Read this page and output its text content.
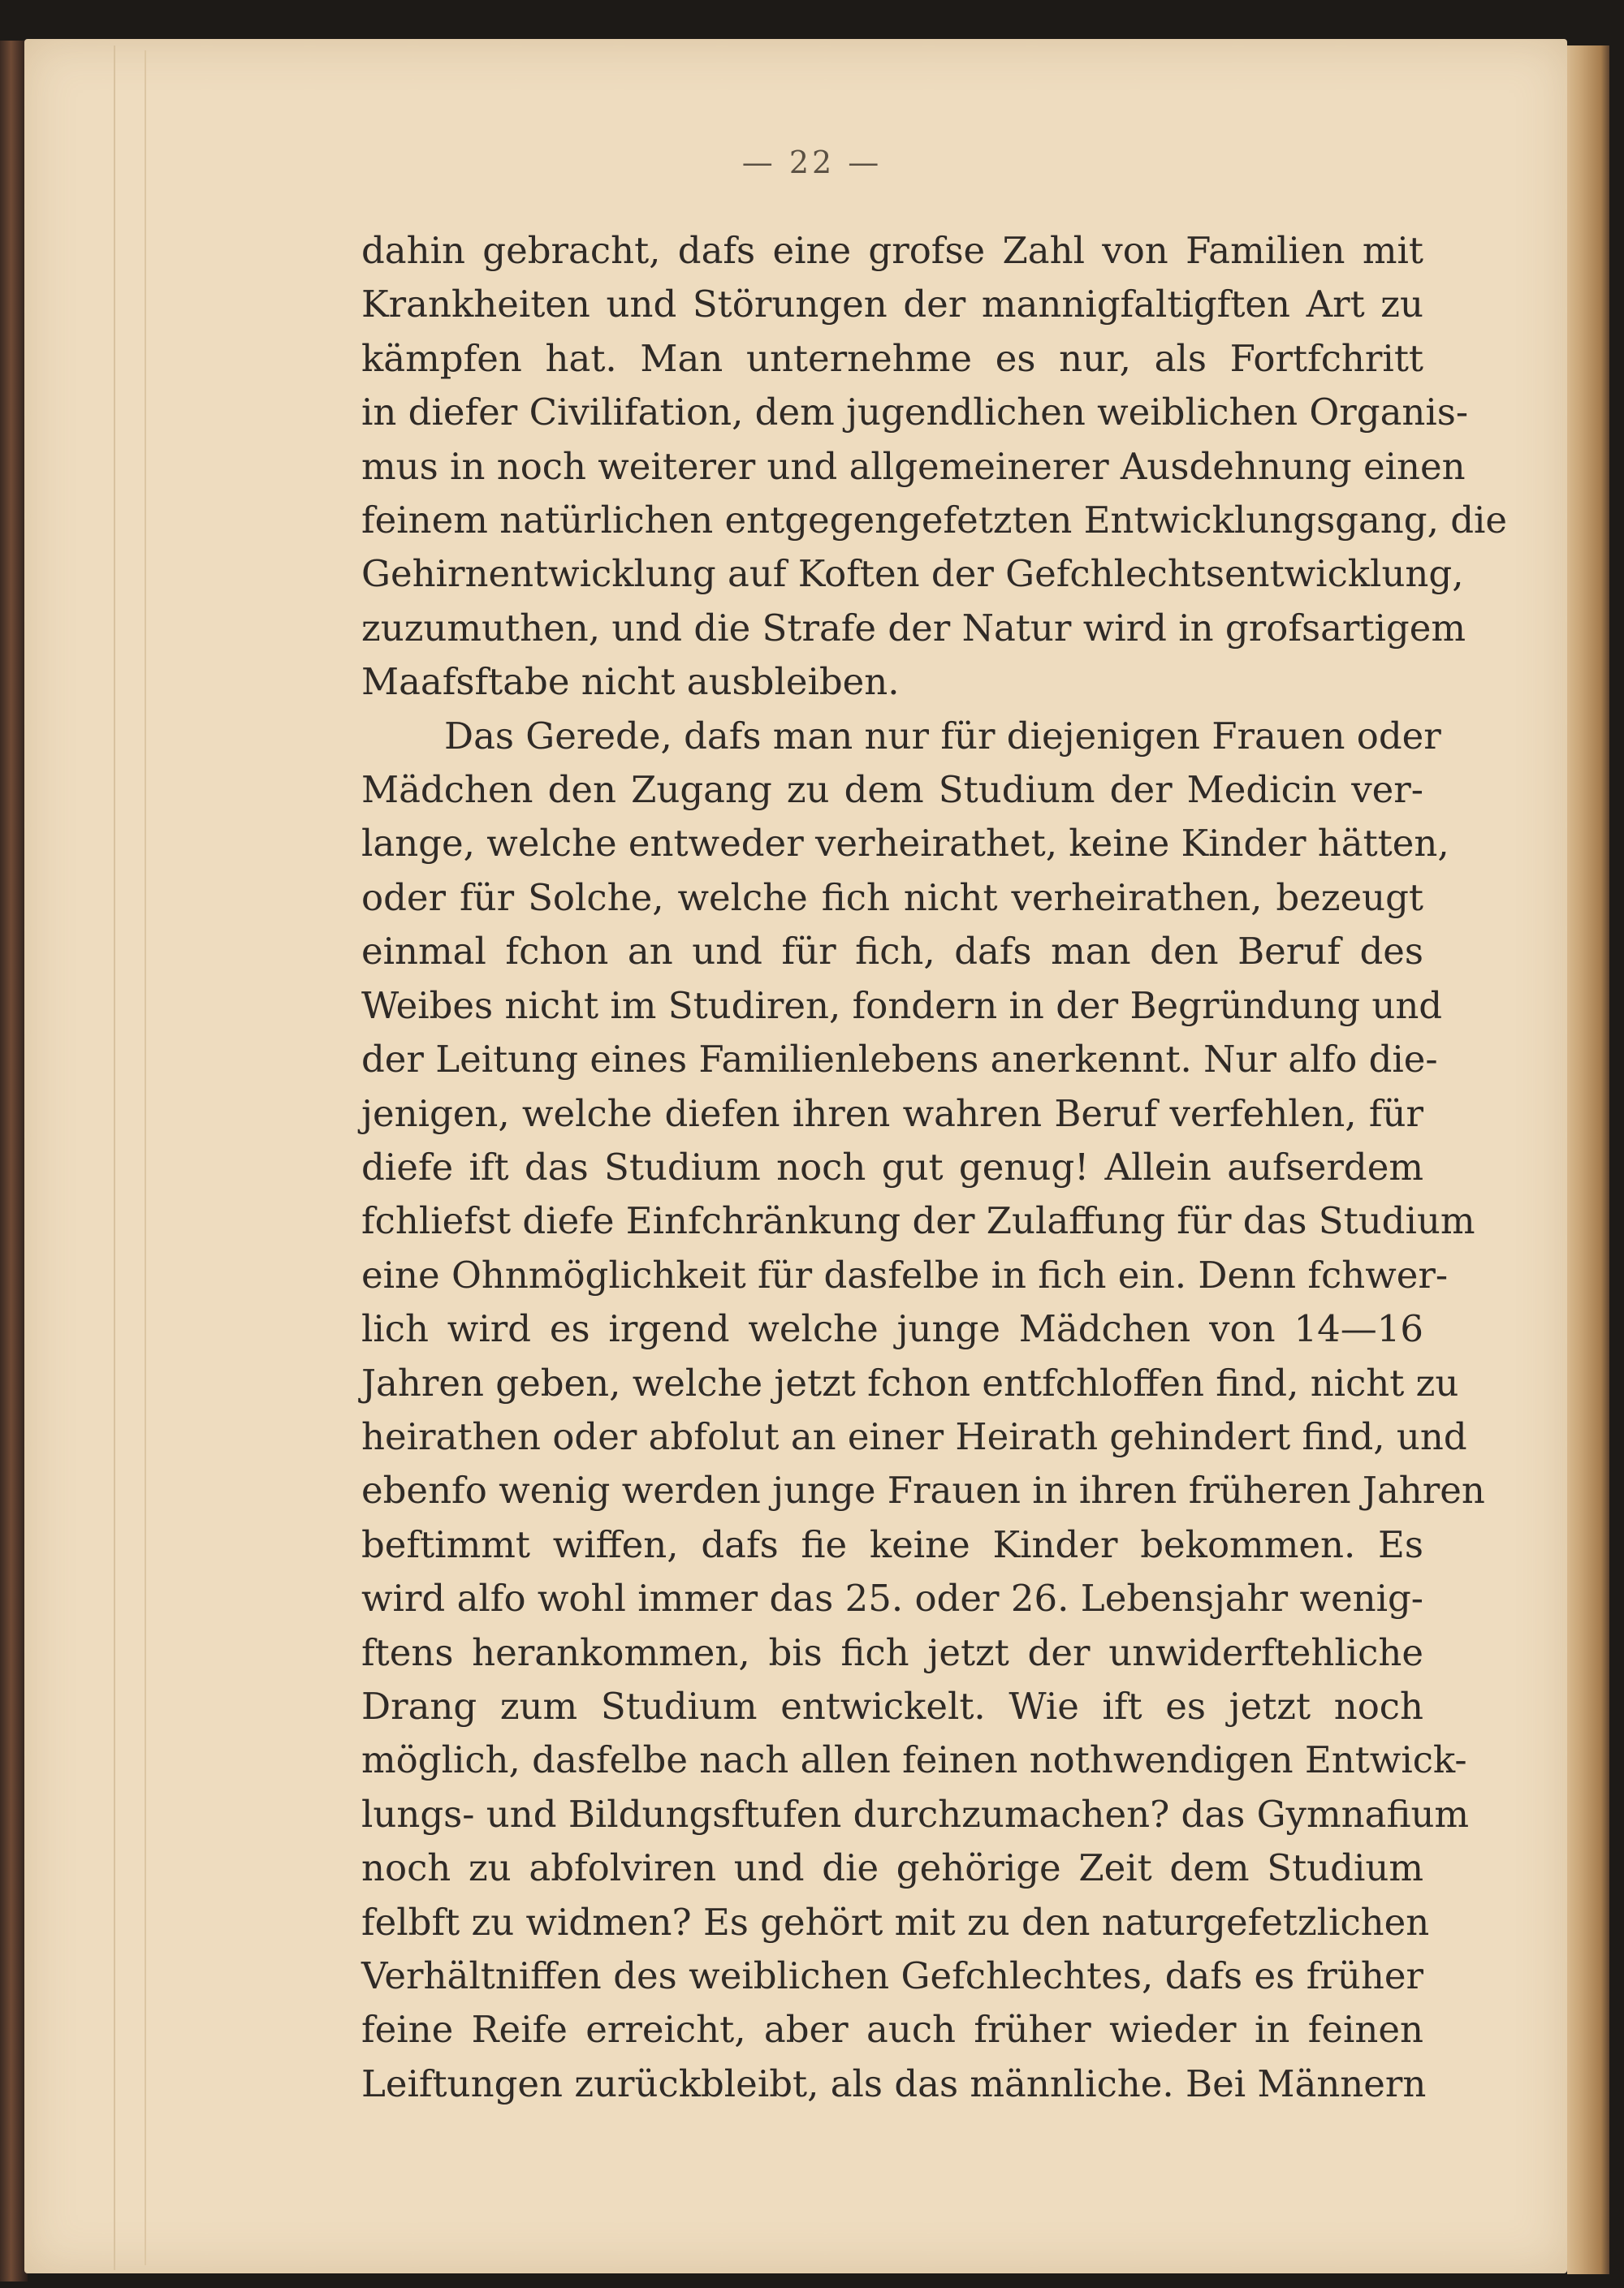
— 22 —
dahin gebracht, dafs eine grofse Zahl von Familien mit
Krankheiten und Störungen der mannigfaltigften Art zu
kämpfen hat. Man unternehme es nur, als Fortfchritt
in diefer Civilifation, dem jugendlichen weiblichen Organis-
mus in noch weiterer und allgemeinerer Ausdehnung einen
feinem natürlichen entgegengefetzten Entwicklungsgang, die
Gehirnentwicklung auf Koften der Gefchlechtsentwicklung,
zuzumuthen, und die Strafe der Natur wird in grofsartigem
Maafsftabe nicht ausbleiben.
Das Gerede, dafs man nur für diejenigen Frauen oder
Mädchen den Zugang zu dem Studium der Medicin ver-
lange, welche entweder verheirathet, keine Kinder hätten,
oder für Solche, welche fich nicht verheirathen, bezeugt
einmal fchon an und für fich, dafs man den Beruf des
Weibes nicht im Studiren, fondern in der Begründung und
der Leitung eines Familienlebens anerkennt. Nur alfo die-
jenigen, welche diefen ihren wahren Beruf verfehlen, für
diefe ift das Studium noch gut genug! Allein aufserdem
fchliefst diefe Einfchränkung der Zulaffung für das Studium
eine Ohnmöglichkeit für dasfelbe in fich ein. Denn fchwer-
lich wird es irgend welche junge Mädchen von 14—16
Jahren geben, welche jetzt fchon entfchloffen find, nicht zu
heirathen oder abfolut an einer Heirath gehindert find, und
ebenfo wenig werden junge Frauen in ihren früheren Jahren
beftimmt wiffen, dafs fie keine Kinder bekommen. Es
wird alfo wohl immer das 25. oder 26. Lebensjahr wenig-
ftens herankommen, bis fich jetzt der unwiderftehliche
Drang zum Studium entwickelt. Wie ift es jetzt noch
möglich, dasfelbe nach allen feinen nothwendigen Entwick-
lungs- und Bildungsftufen durchzumachen? das Gymnafium
noch zu abfolviren und die gehörige Zeit dem Studium
felbft zu widmen? Es gehört mit zu den naturgefetzlichen
Verhältniffen des weiblichen Gefchlechtes, dafs es früher
feine Reife erreicht, aber auch früher wieder in feinen
Leiftungen zurückbleibt, als das männliche. Bei Männern
